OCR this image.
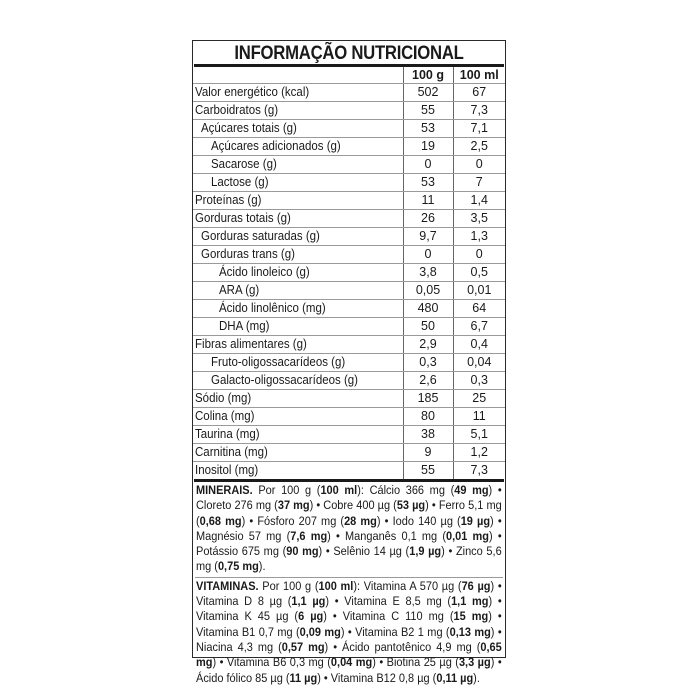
INFORMAÇÃO NUTRICIONAL
	100 g	100 ml
Valor energético (kcal)	502	67
Carboidratos (g)	55	7,3
Açúcares totais (g)	53	7,1
Açúcares adicionados (g)	19	2,5
Sacarose (g)	0	0
Lactose (g)	53	7
Proteínas (g)	11	1,4
Gorduras totais (g)	26	3,5
Gorduras saturadas (g)	9,7	1,3
Gorduras trans (g)	0	0
Ácido linoleico (g)	3,8	0,5
ARA (g)	0,05	0,01
Ácido linolênico (mg)	480	64
DHA (mg)	50	6,7
Fibras alimentares (g)	2,9	0,4
Fruto-oligossacarídeos (g)	0,3	0,04
Galacto-oligossacarídeos (g)	2,6	0,3
Sódio (mg)	185	25
Colina (mg)	80	11
Taurina (mg)	38	5,1
Carnitina (mg)	9	1,2
Inositol (mg)	55	7,3
MINERAIS. Por 100 g (100 ml): Cálcio 366 mg (49 mg) • Cloreto 276 mg (37 mg) • Cobre 400 µg (53 µg) • Ferro 5,1 mg (0,68 mg) • Fósforo 207 mg (28 mg) • Iodo 140 µg (19 µg) • Magnésio 57 mg (7,6 mg) • Manganês 0,1 mg (0,01 mg) • Potássio 675 mg (90 mg) • Selênio 14 µg (1,9 µg) • Zinco 5,6 mg (0,75 mg).
VITAMINAS. Por 100 g (100 ml): Vitamina A 570 µg (76 µg) • Vitamina D 8 µg (1,1 µg) • Vitamina E 8,5 mg (1,1 mg) • Vitamina K 45 µg (6 µg) • Vitamina C 110 mg (15 mg) • Vitamina B1 0,7 mg (0,09 mg) • Vitamina B2 1 mg (0,13 mg) • Niacina 4,3 mg (0,57 mg) • Ácido pantotênico 4,9 mg (0,65 mg) • Vitamina B6 0,3 mg (0,04 mg) • Biotina 25 µg (3,3 µg) • Ácido fólico 85 µg (11 µg) • Vitamina B12 0,8 µg (0,11 µg).
